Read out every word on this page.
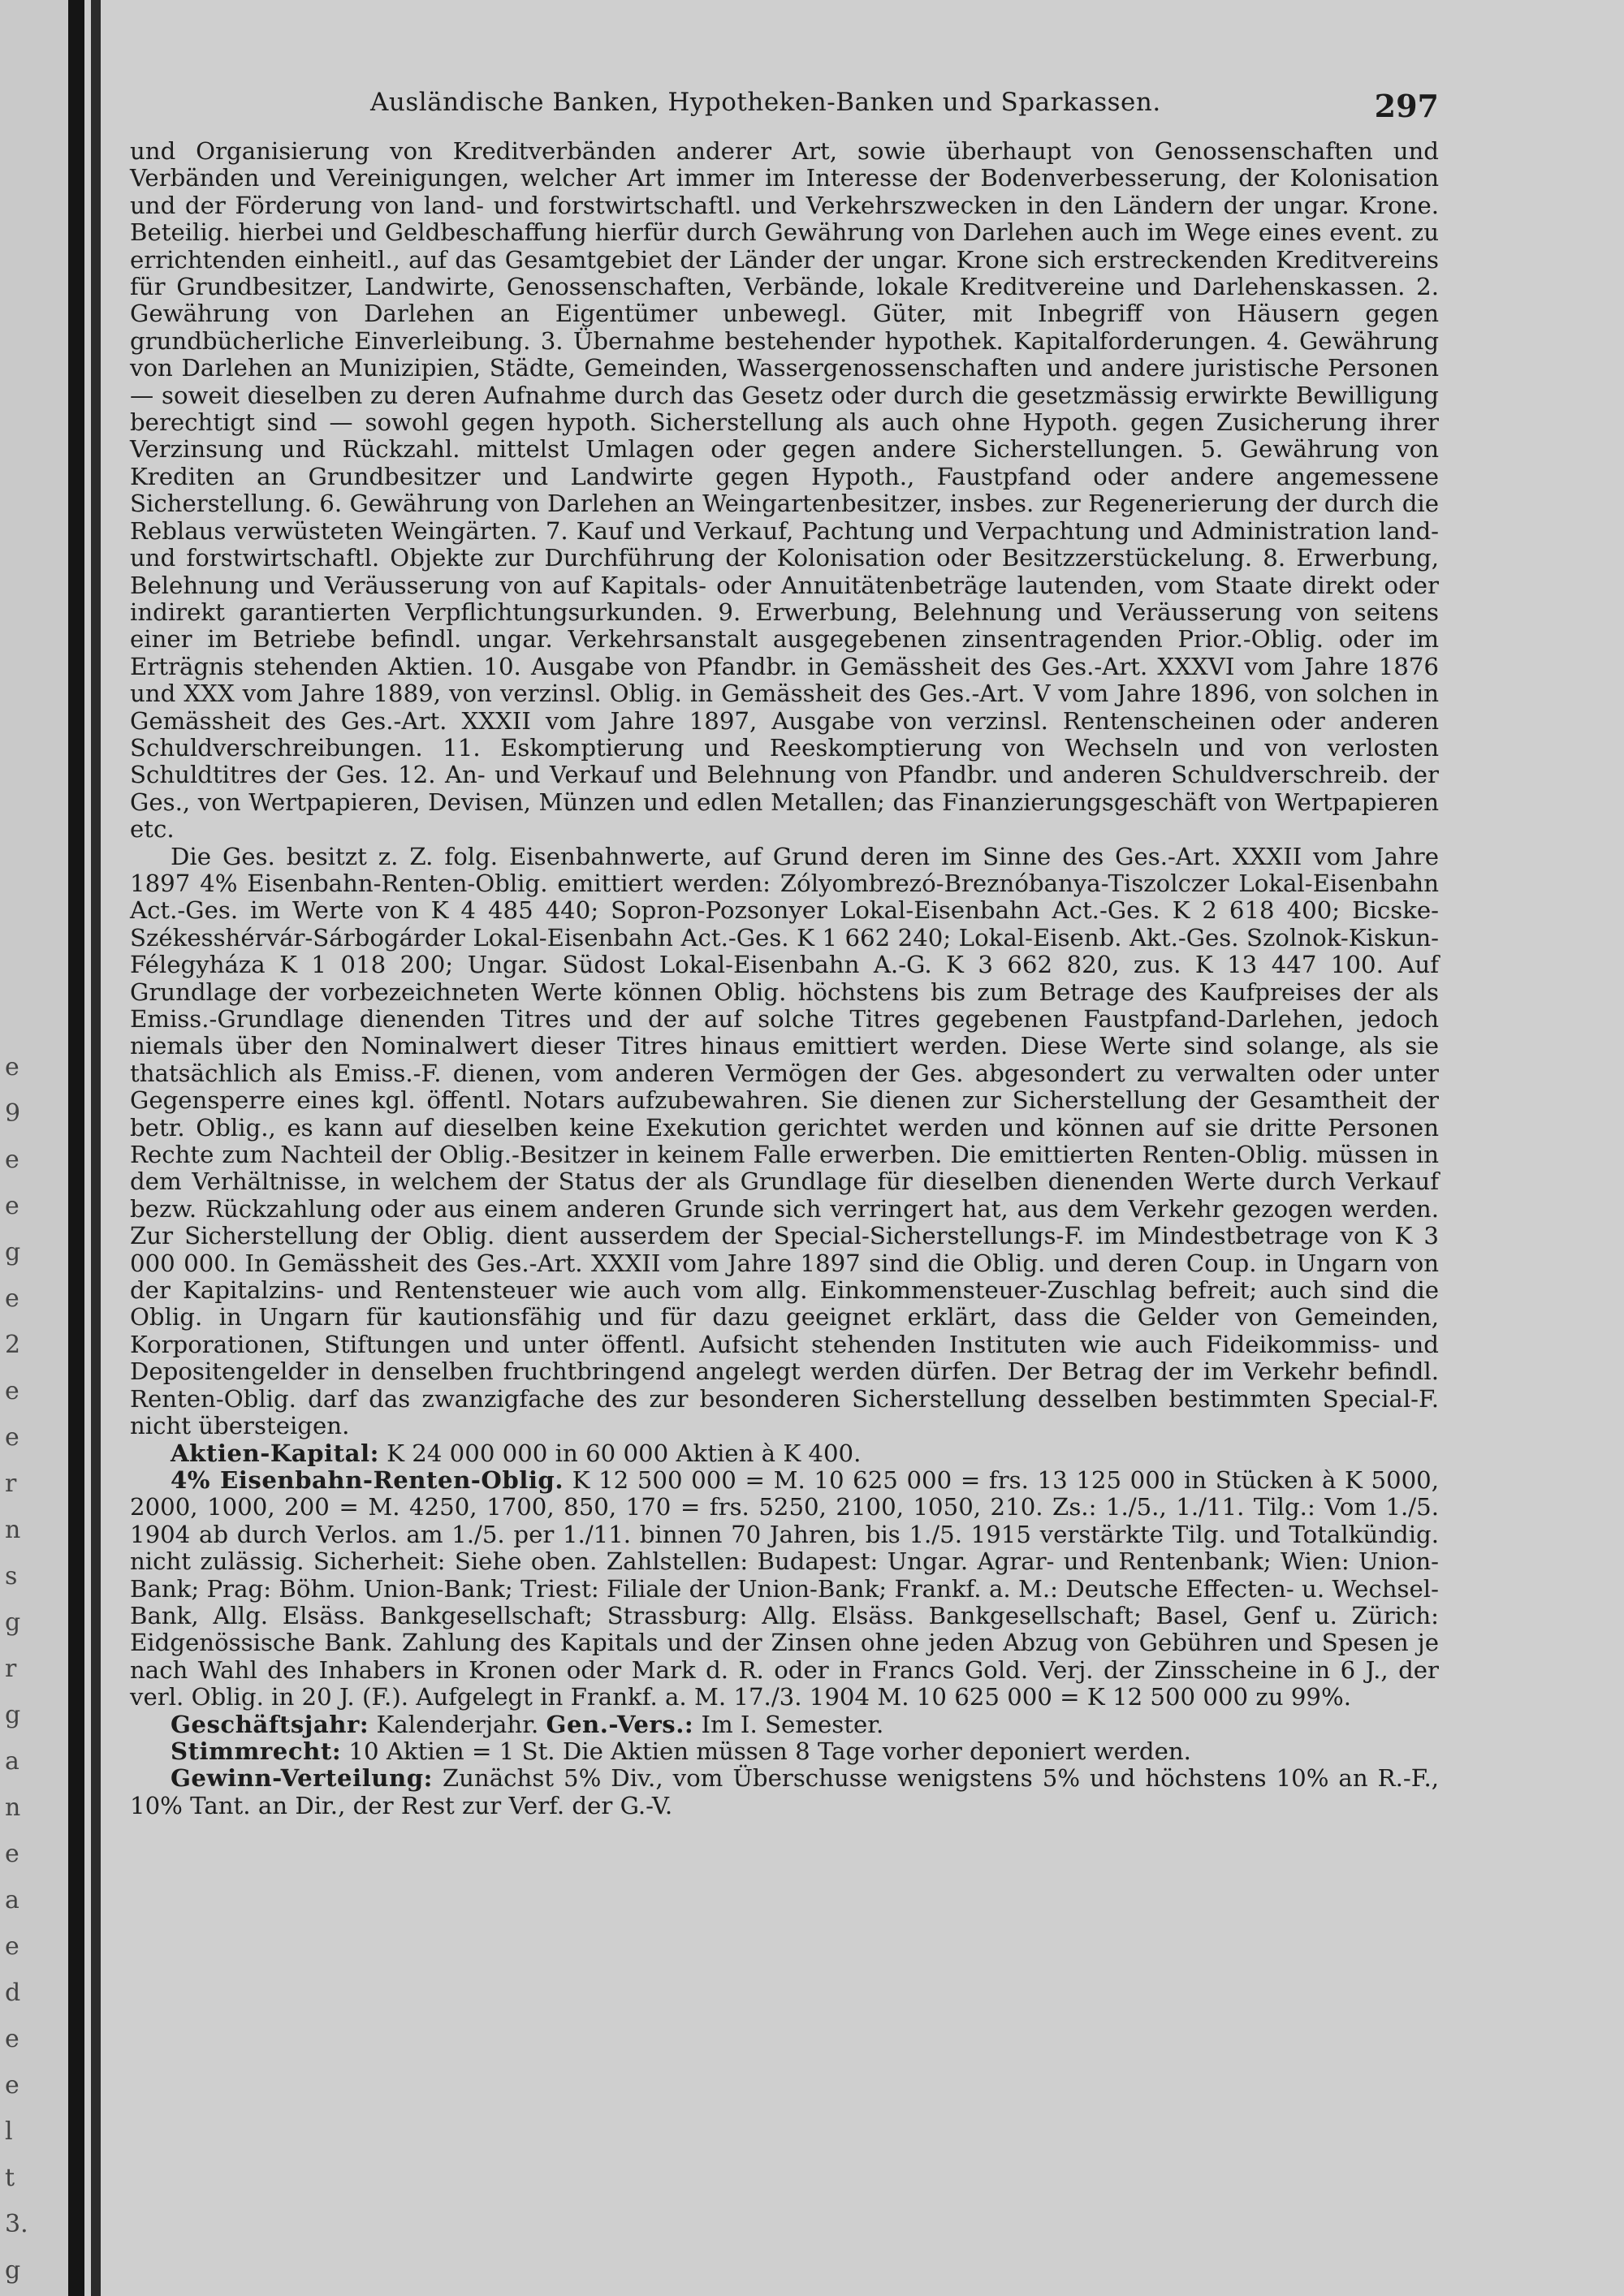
e
9
e
e
g
e
2
e
e
r
n
s
g
r
g
a
n
e
a
e
d
e
e
l
t
3.
g
Ausländische Banken, Hypotheken-Banken und Sparkassen.	297

und Organisierung von Kreditverbänden anderer Art, sowie überhaupt von Genossenschaften und Verbänden und Vereinigungen, welcher Art immer im Interesse der Bodenverbesserung, der Kolonisation und der Förderung von land- und forstwirtschaftl. und Verkehrszwecken in den Ländern der ungar. Krone. Beteilig. hierbei und Geldbeschaffung hierfür durch Gewährung von Darlehen auch im Wege eines event. zu errichtenden einheitl., auf das Gesamtgebiet der Länder der ungar. Krone sich erstreckenden Kreditvereins für Grundbesitzer, Landwirte, Genossenschaften, Verbände, lokale Kreditvereine und Darlehenskassen. 2. Gewährung von Darlehen an Eigentümer unbewegl. Güter, mit Inbegriff von Häusern gegen grundbücherliche Einverleibung. 3. Übernahme bestehender hypothek. Kapitalforderungen. 4. Gewährung von Darlehen an Munizipien, Städte, Gemeinden, Wassergenossenschaften und andere juristische Personen — soweit dieselben zu deren Aufnahme durch das Gesetz oder durch die gesetzmässig erwirkte Bewilligung berechtigt sind — sowohl gegen hypoth. Sicherstellung als auch ohne Hypoth. gegen Zusicherung ihrer Verzinsung und Rückzahl. mittelst Umlagen oder gegen andere Sicherstellungen. 5. Gewährung von Krediten an Grundbesitzer und Landwirte gegen Hypoth., Faustpfand oder andere angemessene Sicherstellung. 6. Gewährung von Darlehen an Weingartenbesitzer, insbes. zur Regenerierung der durch die Reblaus verwüsteten Weingärten. 7. Kauf und Verkauf, Pachtung und Verpachtung und Administration land- und forstwirtschaftl. Objekte zur Durchführung der Kolonisation oder Besitzzerstückelung. 8. Erwerbung, Belehnung und Veräusserung von auf Kapitals- oder Annuitätenbeträge lautenden, vom Staate direkt oder indirekt garantierten Verpflichtungsurkunden. 9. Erwerbung, Belehnung und Veräusserung von seitens einer im Betriebe befindl. ungar. Verkehrsanstalt ausgegebenen zinsentragenden Prior.-Oblig. oder im Erträgnis stehenden Aktien. 10. Ausgabe von Pfandbr. in Gemässheit des Ges.-Art. XXXVI vom Jahre 1876 und XXX vom Jahre 1889, von verzinsl. Oblig. in Gemässheit des Ges.-Art. V vom Jahre 1896, von solchen in Gemässheit des Ges.-Art. XXXII vom Jahre 1897, Ausgabe von verzinsl. Rentenscheinen oder anderen Schuldverschreibungen. 11. Eskomptierung und Reeskomptierung von Wechseln und von verlosten Schuldtitres der Ges. 12. An- und Verkauf und Belehnung von Pfandbr. und anderen Schuldverschreib. der Ges., von Wertpapieren, Devisen, Münzen und edlen Metallen; das Finanzierungsgeschäft von Wertpapieren etc.

Die Ges. besitzt z. Z. folg. Eisenbahnwerte, auf Grund deren im Sinne des Ges.-Art. XXXII vom Jahre 1897 4% Eisenbahn-Renten-Oblig. emittiert werden: Zólyombrezó-Breznóbanya-Tiszolczer Lokal-Eisenbahn Act.-Ges. im Werte von K 4 485 440; Sopron-Pozsonyer Lokal-Eisenbahn Act.-Ges. K 2 618 400; Bicske-Székesshérvár-Sárbogárder Lokal-Eisenbahn Act.-Ges. K 1 662 240; Lokal-Eisenb. Akt.-Ges. Szolnok-Kiskun-Félegyháza K 1 018 200; Ungar. Südost Lokal-Eisenbahn A.-G. K 3 662 820, zus. K 13 447 100. Auf Grundlage der vorbezeichneten Werte können Oblig. höchstens bis zum Betrage des Kaufpreises der als Emiss.-Grundlage dienenden Titres und der auf solche Titres gegebenen Faustpfand-Darlehen, jedoch niemals über den Nominalwert dieser Titres hinaus emittiert werden. Diese Werte sind solange, als sie thatsächlich als Emiss.-F. dienen, vom anderen Vermögen der Ges. abgesondert zu verwalten oder unter Gegensperre eines kgl. öffentl. Notars aufzubewahren. Sie dienen zur Sicherstellung der Gesamtheit der betr. Oblig., es kann auf dieselben keine Exekution gerichtet werden und können auf sie dritte Personen Rechte zum Nachteil der Oblig.-Besitzer in keinem Falle erwerben. Die emittierten Renten-Oblig. müssen in dem Verhältnisse, in welchem der Status der als Grundlage für dieselben dienenden Werte durch Verkauf bezw. Rückzahlung oder aus einem anderen Grunde sich verringert hat, aus dem Verkehr gezogen werden. Zur Sicherstellung der Oblig. dient ausserdem der Special-Sicherstellungs-F. im Mindestbetrage von K 3 000 000. In Gemässheit des Ges.-Art. XXXII vom Jahre 1897 sind die Oblig. und deren Coup. in Ungarn von der Kapitalzins- und Rentensteuer wie auch vom allg. Einkommensteuer-Zuschlag befreit; auch sind die Oblig. in Ungarn für kautionsfähig und für dazu geeignet erklärt, dass die Gelder von Gemeinden, Korporationen, Stiftungen und unter öffentl. Aufsicht stehenden Instituten wie auch Fideikommiss- und Depositengelder in denselben fruchtbringend angelegt werden dürfen. Der Betrag der im Verkehr befindl. Renten-Oblig. darf das zwanzigfache des zur besonderen Sicherstellung desselben bestimmten Special-F. nicht übersteigen.

Aktien-Kapital: K 24 000 000 in 60 000 Aktien à K 400.

4% Eisenbahn-Renten-Oblig. K 12 500 000 = M. 10 625 000 = frs. 13 125 000 in Stücken à K 5000, 2000, 1000, 200 = M. 4250, 1700, 850, 170 = frs. 5250, 2100, 1050, 210. Zs.: 1./5., 1./11. Tilg.: Vom 1./5. 1904 ab durch Verlos. am 1./5. per 1./11. binnen 70 Jahren, bis 1./5. 1915 verstärkte Tilg. und Totalkündig. nicht zulässig. Sicherheit: Siehe oben. Zahlstellen: Budapest: Ungar. Agrar- und Rentenbank; Wien: Union-Bank; Prag: Böhm. Union-Bank; Triest: Filiale der Union-Bank; Frankf. a. M.: Deutsche Effecten- u. Wechsel-Bank, Allg. Elsäss. Bankgesellschaft; Strassburg: Allg. Elsäss. Bankgesellschaft; Basel, Genf u. Zürich: Eidgenössische Bank. Zahlung des Kapitals und der Zinsen ohne jeden Abzug von Gebühren und Spesen je nach Wahl des Inhabers in Kronen oder Mark d. R. oder in Francs Gold. Verj. der Zinsscheine in 6 J., der verl. Oblig. in 20 J. (F.). Aufgelegt in Frankf. a. M. 17./3. 1904 M. 10 625 000 = K 12 500 000 zu 99%.

Geschäftsjahr: Kalenderjahr. Gen.-Vers.: Im I. Semester.

Stimmrecht: 10 Aktien = 1 St. Die Aktien müssen 8 Tage vorher deponiert werden.

Gewinn-Verteilung: Zunächst 5% Div., vom Überschusse wenigstens 5% und höchstens 10% an R.-F., 10% Tant. an Dir., der Rest zur Verf. der G.-V.
